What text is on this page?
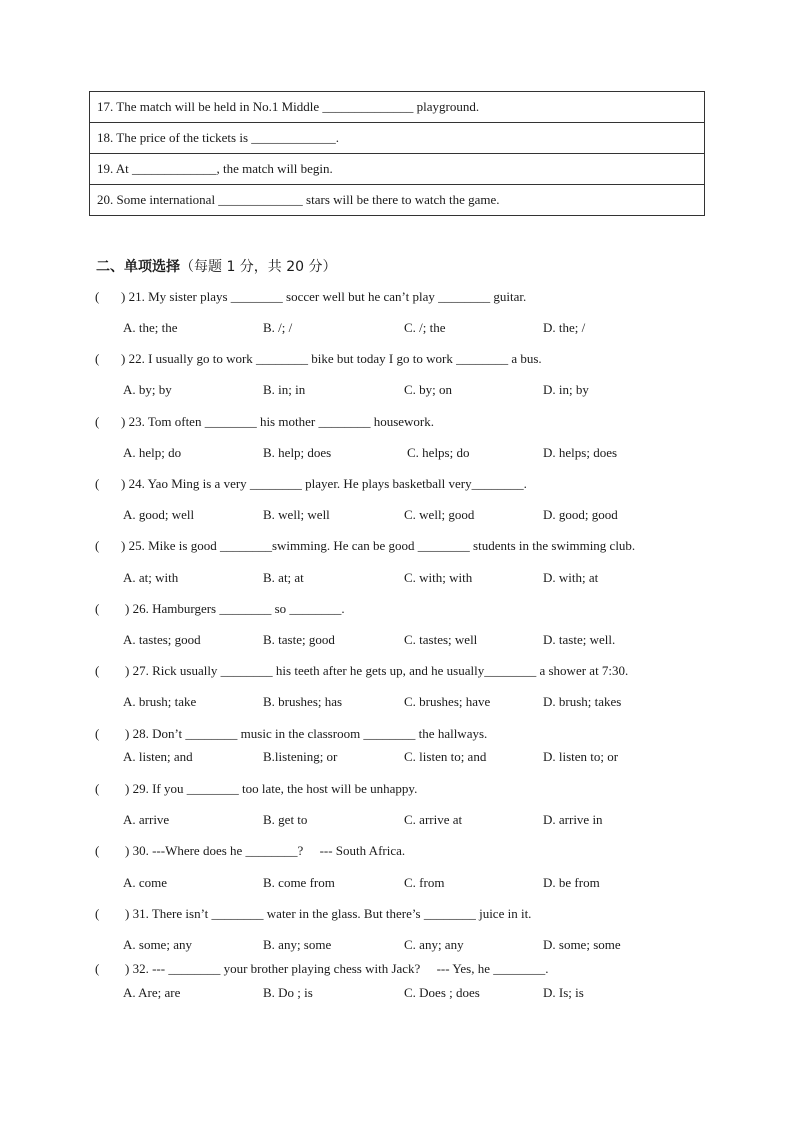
17. The match will be held in No.1 Middle ______________ playground.
18. The price of the tickets is _____________.
19. At _____________, the match will begin.
20. Some international _____________ stars will be there to watch the game.
二、单项选择（每题 1 分，共 20 分）
( ) 21. My sister plays ________ soccer well but he can’t play ________ guitar.
A. the; the	B. /; /	C. /; the	D. the; /
( ) 22. I usually go to work ________ bike but today I go to work ________ a bus.
A. by; by	B. in; in	C. by; on	D. in; by
( ) 23. Tom often ________ his mother ________ housework.
A. help; do	B. help; does	C. helps; do	D. helps; does
( ) 24. Yao Ming is a very ________ player. He plays basketball very________.
A. good; well	B. well; well	C. well; good	D. good; good
( ) 25. Mike is good ________swimming. He can be good ________ students in the swimming club.
A. at; with	B. at; at	C. with; with	D. with; at
( ) 26. Hamburgers ________ so ________.
A. tastes; good	B. taste; good	C. tastes; well	D. taste; well.
( ) 27. Rick usually ________ his teeth after he gets up, and he usually________ a shower at 7:30.
A. brush; take	B. brushes; has	C. brushes; have	D. brush; takes
( ) 28. Don’t ________ music in the classroom ________ the hallways.
A. listen; and	B.listening; or	C. listen to; and	D. listen to; or
( ) 29. If you ________ too late, the host will be unhappy.
A. arrive	B. get to	C. arrive at	D. arrive in
( ) 30. ---Where does he ________?     --- South Africa.
A. come	B. come from	C. from	D. be from
( ) 31. There isn’t ________ water in the glass. But there’s ________ juice in it.
A. some; any	B. any; some	C. any; any	D. some; some
( ) 32. --- ________ your brother playing chess with Jack?     --- Yes, he ________.
A. Are; are	B. Do ; is	C. Does ; does	D. Is; is
